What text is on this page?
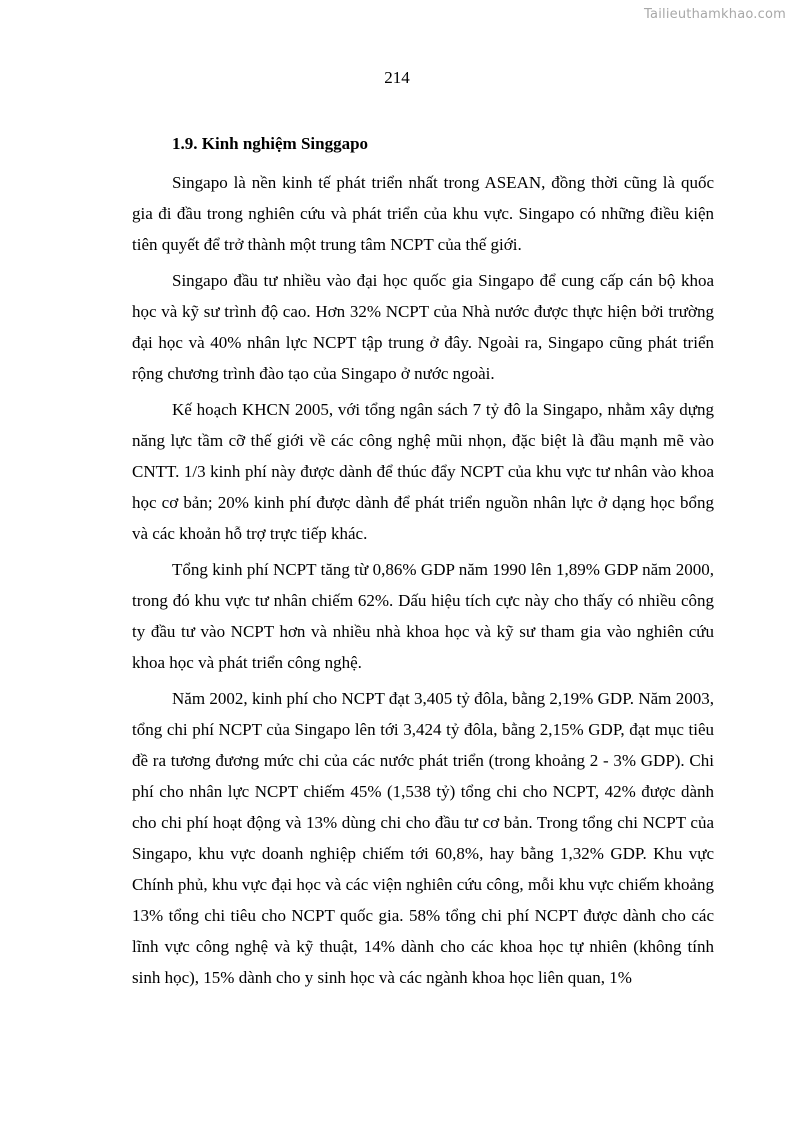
Tailieuthamkhao.com
214
1.9. Kinh nghiệm Singgapo

Singapo là nền kinh tế phát triển nhất trong ASEAN, đồng thời cũng là quốc gia đi đầu trong nghiên cứu và phát triển của khu vực. Singapo có những điều kiện tiên quyết để trở thành một trung tâm NCPT của thế giới.

Singapo đầu tư nhiều vào đại học quốc gia Singapo để cung cấp cán bộ khoa học và kỹ sư trình độ cao. Hơn 32% NCPT của Nhà nước được thực hiện bởi trường đại học và 40% nhân lực NCPT tập trung ở đây. Ngoài ra, Singapo cũng phát triển rộng chương trình đào tạo của Singapo ở nước ngoài.

Kế hoạch KHCN 2005, với tổng ngân sách 7 tỷ đô la Singapo, nhằm xây dựng năng lực tầm cỡ thế giới về các công nghệ mũi nhọn, đặc biệt là đầu mạnh mẽ vào CNTT. 1/3 kinh phí này được dành để thúc đẩy NCPT của khu vực tư nhân vào khoa học cơ bản; 20% kinh phí được dành để phát triển nguồn nhân lực ở dạng học bổng và các khoản hỗ trợ trực tiếp khác.

Tổng kinh phí NCPT tăng từ 0,86% GDP năm 1990 lên 1,89% GDP năm 2000, trong đó khu vực tư nhân chiếm 62%. Dấu hiệu tích cực này cho thấy có nhiều công ty đầu tư vào NCPT hơn và nhiều nhà khoa học và kỹ sư tham gia vào nghiên cứu khoa học và phát triển công nghệ.

Năm 2002, kinh phí cho NCPT đạt 3,405 tỷ đôla, bằng 2,19% GDP. Năm 2003, tổng chi phí NCPT của Singapo lên tới 3,424 tỷ đôla, bằng 2,15% GDP, đạt mục tiêu đề ra tương đương mức chi của các nước phát triển (trong khoảng 2 - 3% GDP). Chi phí cho nhân lực NCPT chiếm 45% (1,538 tỷ) tổng chi cho NCPT, 42% được dành cho chi phí hoạt động và 13% dùng chi cho đầu tư cơ bản. Trong tổng chi NCPT của Singapo, khu vực doanh nghiệp chiếm tới 60,8%, hay bằng 1,32% GDP. Khu vực Chính phủ, khu vực đại học và các viện nghiên cứu công, mỗi khu vực chiếm khoảng 13% tổng chi tiêu cho NCPT quốc gia. 58% tổng chi phí NCPT được dành cho các lĩnh vực công nghệ và kỹ thuật, 14% dành cho các khoa học tự nhiên (không tính sinh học), 15% dành cho y sinh học và các ngành khoa học liên quan, 1%
